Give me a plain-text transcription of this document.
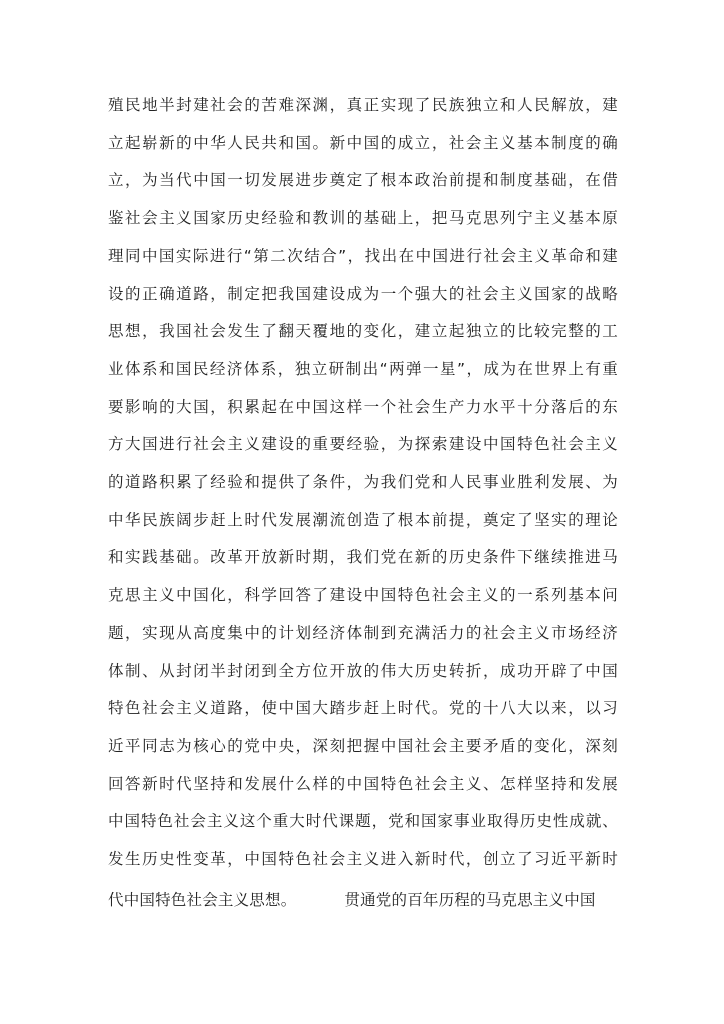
殖民地半封建社会的苦难深渊，真正实现了民族独立和人民解放，建
立起崭新的中华人民共和国。新中国的成立，社会主义基本制度的确
立，为当代中国一切发展进步奠定了根本政治前提和制度基础，在借
鉴社会主义国家历史经验和教训的基础上，把马克思列宁主义基本原
理同中国实际进行“第二次结合”，找出在中国进行社会主义革命和建
设的正确道路，制定把我国建设成为一个强大的社会主义国家的战略
思想，我国社会发生了翻天覆地的变化，建立起独立的比较完整的工
业体系和国民经济体系，独立研制出“两弹一星”，成为在世界上有重
要影响的大国，积累起在中国这样一个社会生产力水平十分落后的东
方大国进行社会主义建设的重要经验，为探索建设中国特色社会主义
的道路积累了经验和提供了条件，为我们党和人民事业胜利发展、为
中华民族阔步赶上时代发展潮流创造了根本前提，奠定了坚实的理论
和实践基础。改革开放新时期，我们党在新的历史条件下继续推进马
克思主义中国化，科学回答了建设中国特色社会主义的一系列基本问
题，实现从高度集中的计划经济体制到充满活力的社会主义市场经济
体制、从封闭半封闭到全方位开放的伟大历史转折，成功开辟了中国
特色社会主义道路，使中国大踏步赶上时代。党的十八大以来，以习
近平同志为核心的党中央，深刻把握中国社会主要矛盾的变化，深刻
回答新时代坚持和发展什么样的中国特色社会主义、怎样坚持和发展
中国特色社会主义这个重大时代课题，党和国家事业取得历史性成就、
发生历史性变革，中国特色社会主义进入新时代，创立了习近平新时
代中国特色社会主义思想。	贯通党的百年历程的马克思主义中国
